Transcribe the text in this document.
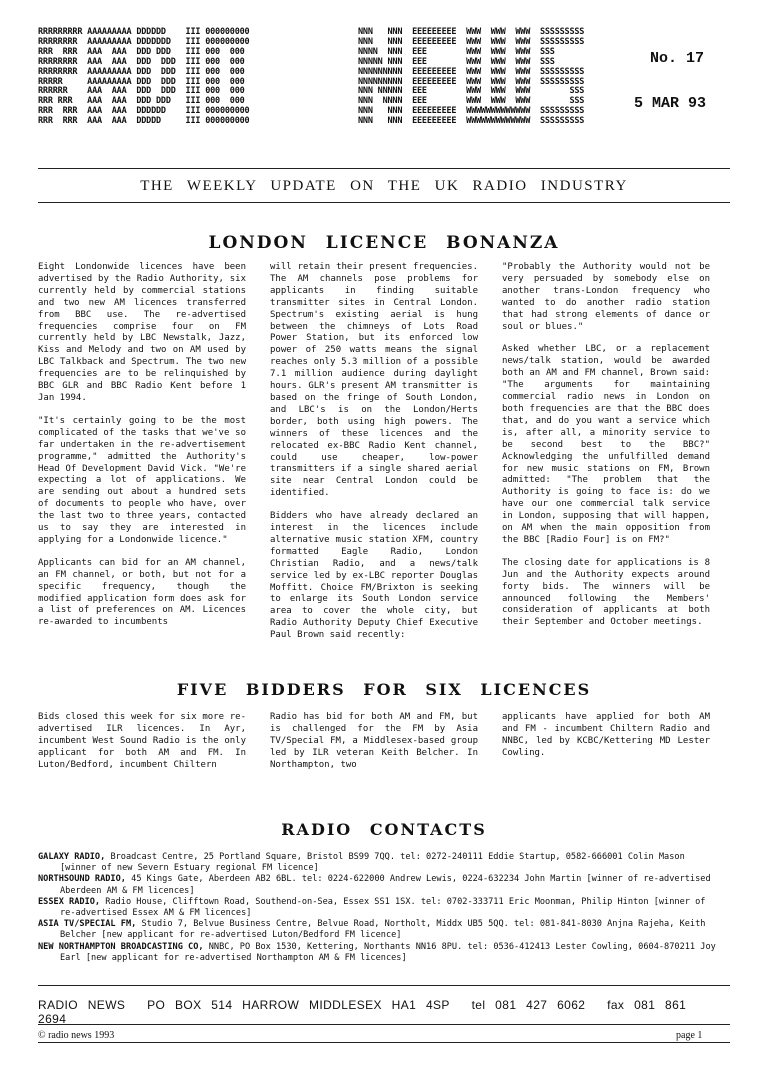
RRRRRRRRR AAAAAAAAA DDDDDD    III 000000000
RRRRRRRR  AAAAAAAAA DDDDDDD   III 000000000
RRR  RRR  AAA  AAA  DDD DDD   III 000  000
RRRRRRRR  AAA  AAA  DDD  DDD  III 000  000
RRRRRRRR  AAAAAAAAA DDD  DDD  III 000  000
RRRRR     AAAAAAAAA DDD  DDD  III 000  000
RRRRRR    AAA  AAA  DDD  DDD  III 000  000
RRR RRR   AAA  AAA  DDD DDD   III 000  000
RRR  RRR  AAA  AAA  DDDDDD    III 000000000
RRR  RRR  AAA  AAA  DDDDD     III 000000000
NNN   NNN  EEEEEEEEE  WWW  WWW  WWW  SSSSSSSSS
NNN   NNN  EEEEEEEEE  WWW  WWW  WWW  SSSSSSSSS
NNNN  NNN  EEE        WWW  WWW  WWW  SSS
NNNNN NNN  EEE        WWW  WWW  WWW  SSS
NNNNNNNNN  EEEEEEEEE  WWW  WWW  WWW  SSSSSSSSS
NNNNNNNNN  EEEEEEEEE  WWW  WWW  WWW  SSSSSSSSS
NNN NNNNN  EEE        WWW  WWW  WWW        SSS
NNN  NNNN  EEE        WWW  WWW  WWW        SSS
NNN   NNN  EEEEEEEEE  WWWWWWWWWWWWW  SSSSSSSSS
NNN   NNN  EEEEEEEEE  WWWWWWWWWWWWW  SSSSSSSSS
No. 17
5 MAR 93
THE WEEKLY UPDATE ON THE UK RADIO INDUSTRY
LONDON LICENCE BONANZA

Eight Londonwide licences have been advertised by the Radio Authority, six currently held by commercial stations and two new AM licences transferred from BBC use. The re-advertised frequencies comprise four on FM currently held by LBC Newstalk, Jazz, Kiss and Melody and two on AM used by LBC Talkback and Spectrum. The two new frequencies are to be relinquished by BBC GLR and BBC Radio Kent before 1 Jan 1994.

"It's certainly going to be the most complicated of the tasks that we've so far undertaken in the re-advertisement programme," admitted the Authority's Head Of Development David Vick. "We're expecting a lot of applications. We are sending out about a hundred sets of documents to people who have, over the last two to three years, contacted us to say they are interested in applying for a Londonwide licence."

Applicants can bid for an AM channel, an FM channel, or both, but not for a specific frequency, though the modified application form does ask for a list of preferences on AM. Licences re-awarded to incumbents

will retain their present frequencies. The AM channels pose problems for applicants in finding suitable transmitter sites in Central London. Spectrum's existing aerial is hung between the chimneys of Lots Road Power Station, but its enforced low power of 250 watts means the signal reaches only 5.3 million of a possible 7.1 million audience during daylight hours. GLR's present AM transmitter is based on the fringe of South London, and LBC's is on the London/Herts border, both using high powers. The winners of these licences and the relocated ex-BBC Radio Kent channel, could use cheaper, low-power transmitters if a single shared aerial site near Central London could be identified.

Bidders who have already declared an interest in the licences include alternative music station XFM, country formatted Eagle Radio, London Christian Radio, and a news/talk service led by ex-LBC reporter Douglas Moffitt. Choice FM/Brixton is seeking to enlarge its South London service area to cover the whole city, but Radio Authority Deputy Chief Executive Paul Brown said recently:

"Probably the Authority would not be very persuaded by somebody else on another trans-London frequency who wanted to do another radio station that had strong elements of dance or soul or blues."

Asked whether LBC, or a replacement news/talk station, would be awarded both an AM and FM channel, Brown said: "The arguments for maintaining commercial radio news in London on both frequencies are that the BBC does that, and do you want a service which is, after all, a minority service to be second best to the BBC?" Acknowledging the unfulfilled demand for new music stations on FM, Brown admitted: "The problem that the Authority is going to face is: do we have our one commercial talk service in London, supposing that will happen, on AM when the main opposition from the BBC [Radio Four] is on FM?"

The closing date for applications is 8 Jun and the Authority expects around forty bids. The winners will be announced following the Members' consideration of applicants at both their September and October meetings.

FIVE BIDDERS FOR SIX LICENCES

Bids closed this week for six more re-advertised ILR licences. In Ayr, incumbent West Sound Radio is the only applicant for both AM and FM. In Luton/Bedford, incumbent Chiltern

Radio has bid for both AM and FM, but is challenged for the FM by Asia TV/Special FM, a Middlesex-based group led by ILR veteran Keith Belcher. In Northampton, two

applicants have applied for both AM and FM - incumbent Chiltern Radio and NNBC, led by KCBC/Kettering MD Lester Cowling.

RADIO CONTACTS
GALAXY RADIO, Broadcast Centre, 25 Portland Square, Bristol BS99 7QQ. tel: 0272-240111 Eddie Startup, 0582-666001 Colin Mason [winner of new Severn Estuary regional FM licence]
NORTHSOUND RADIO, 45 Kings Gate, Aberdeen AB2 6BL. tel: 0224-622000 Andrew Lewis, 0224-632234 John Martin [winner of re-advertised Aberdeen AM & FM licences]
ESSEX RADIO, Radio House, Clifftown Road, Southend-on-Sea, Essex SS1 1SX. tel: 0702-333711 Eric Moonman, Philip Hinton [winner of re-advertised Essex AM & FM licences]
ASIA TV/SPECIAL FM, Studio 7, Belvue Business Centre, Belvue Road, Northolt, Middx UB5 5QQ. tel: 081-841-8030 Anjna Rajeha, Keith Belcher [new applicant for re-advertised Luton/Bedford FM licence]
NEW NORTHAMPTON BROADCASTING CO, NNBC, PO Box 1530, Kettering, Northants NN16 8PU. tel: 0536-412413 Lester Cowling, 0604-870211 Joy Earl [new applicant for re-advertised Northampton AM & FM licences]
RADIO NEWS PO BOX 514 HARROW MIDDLESEX HA1 4SP tel 081 427 6062 fax 081 861 2694
© radio news 1993	page 1
